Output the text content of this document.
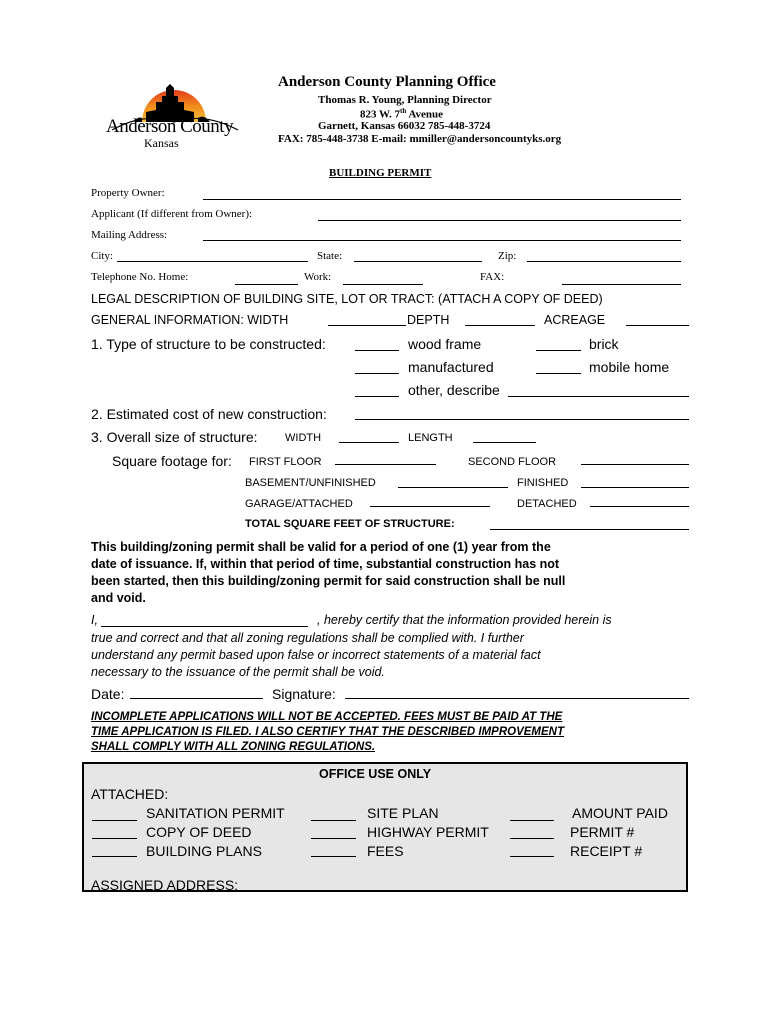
Anderson County
Kansas
Anderson County Planning Office
Thomas R. Young, Planning Director
823 W. 7th Avenue
Garnett, Kansas 66032 785-448-3724
FAX: 785-448-3738 E-mail: mmiller@andersoncountyks.org
BUILDING PERMIT
Property Owner:
Applicant (If different from Owner):
Mailing Address:
City:	State:	Zip:
Telephone No. Home:	Work:	FAX:
LEGAL DESCRIPTION OF BUILDING SITE, LOT OR TRACT: (ATTACH A COPY OF DEED)
GENERAL INFORMATION: WIDTH	DEPTH	ACREAGE
1. Type of structure to be constructed:	wood frame	brick
manufactured	mobile home
other, describe
2. Estimated cost of new construction:
3. Overall size of structure: WIDTH	LENGTH
Square footage for: FIRST FLOOR	SECOND FLOOR
BASEMENT/UNFINISHED	FINISHED
GARAGE/ATTACHED	DETACHED
TOTAL SQUARE FEET OF STRUCTURE:
This building/zoning permit shall be valid for a period of one (1) year from the
date of issuance. If, within that period of time, substantial construction has not
been started, then this building/zoning permit for said construction shall be null
and void.
I,	, hereby certify that the information provided herein is
true and correct and that all zoning regulations shall be complied with. I further
understand any permit based upon false or incorrect statements of a material fact
necessary to the issuance of the permit shall be void.
Date:	Signature:
INCOMPLETE APPLICATIONS WILL NOT BE ACCEPTED. FEES MUST BE PAID AT THE
TIME APPLICATION IS FILED. I ALSO CERTIFY THAT THE DESCRIBED IMPROVEMENT
SHALL COMPLY WITH ALL ZONING REGULATIONS.
OFFICE USE ONLY
ATTACHED:
SANITATION PERMIT	SITE PLAN	AMOUNT PAID
COPY OF DEED	HIGHWAY PERMIT	PERMIT #
BUILDING PLANS	FEES	RECEIPT #
ASSIGNED ADDRESS:
